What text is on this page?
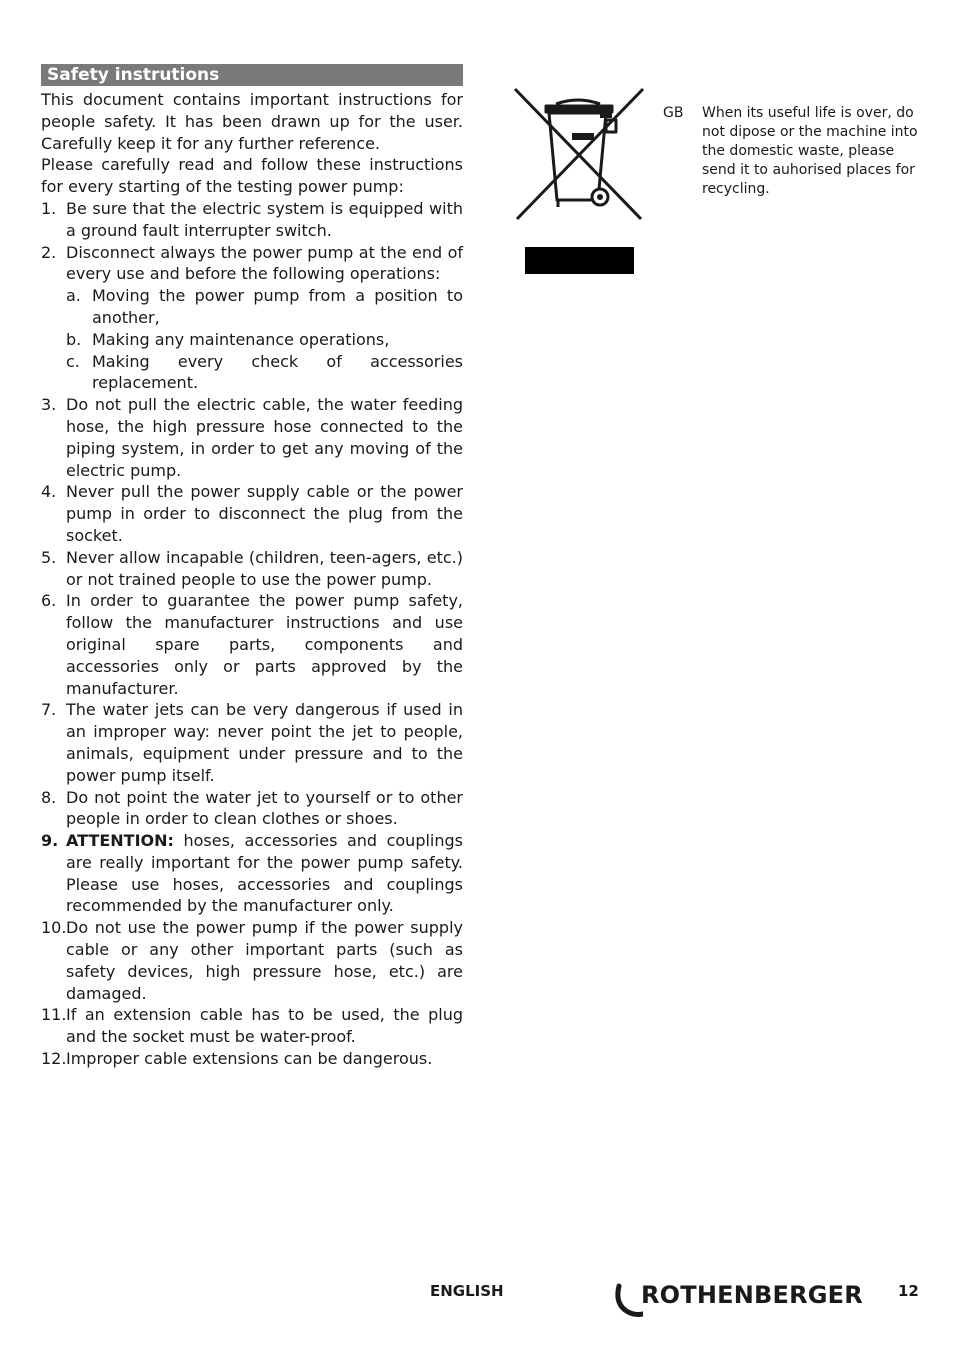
Safety instrutions

This document contains important instructions for people safety. It has been drawn up for the user. Carefully keep it for any further reference.

Please carefully read and follow these instructions for every starting of the testing power pump:

1. Be sure that the electric system is equipped with a ground fault interrupter switch.
2. Disconnect always the power pump at the end of every use and before the following operations:
a. Moving the power pump from a position to another,
b. Making any maintenance operations,
c. Making every check of accessories replacement.
3. Do not pull the electric cable, the water feeding hose, the high pressure hose connected to the piping system, in order to get any moving of the electric pump.
4. Never pull the power supply cable or the power pump in order to disconnect the plug from the socket.
5. Never allow incapable (children, teen-agers, etc.) or not trained people to use the power pump.
6. In order to guarantee the power pump safety, follow the manufacturer instructions and use original spare parts, components and accessories only or parts approved by the manufacturer.
7. The water jets can be very dangerous if used in an improper way: never point the jet to people, animals, equipment under pressure and to the power pump itself.
8. Do not point the water jet to yourself or to other people in order to clean clothes or shoes.
9. ATTENTION: hoses, accessories and couplings are really important for the power pump safety. Please use hoses, accessories and couplings recommended by the manufacturer only.
10. Do not use the power pump if the power supply cable or any other important parts (such as safety devices, high pressure hose, etc.) are damaged.
11. If an extension cable has to be used, the plug and the socket must be water-proof.
12. Improper cable extensions can be dangerous.
GB When its useful life is over, do not dipose or the machine into the domestic waste, please send it to auhorised places for recycling.
ENGLISH	ROTHENBERGER 12
